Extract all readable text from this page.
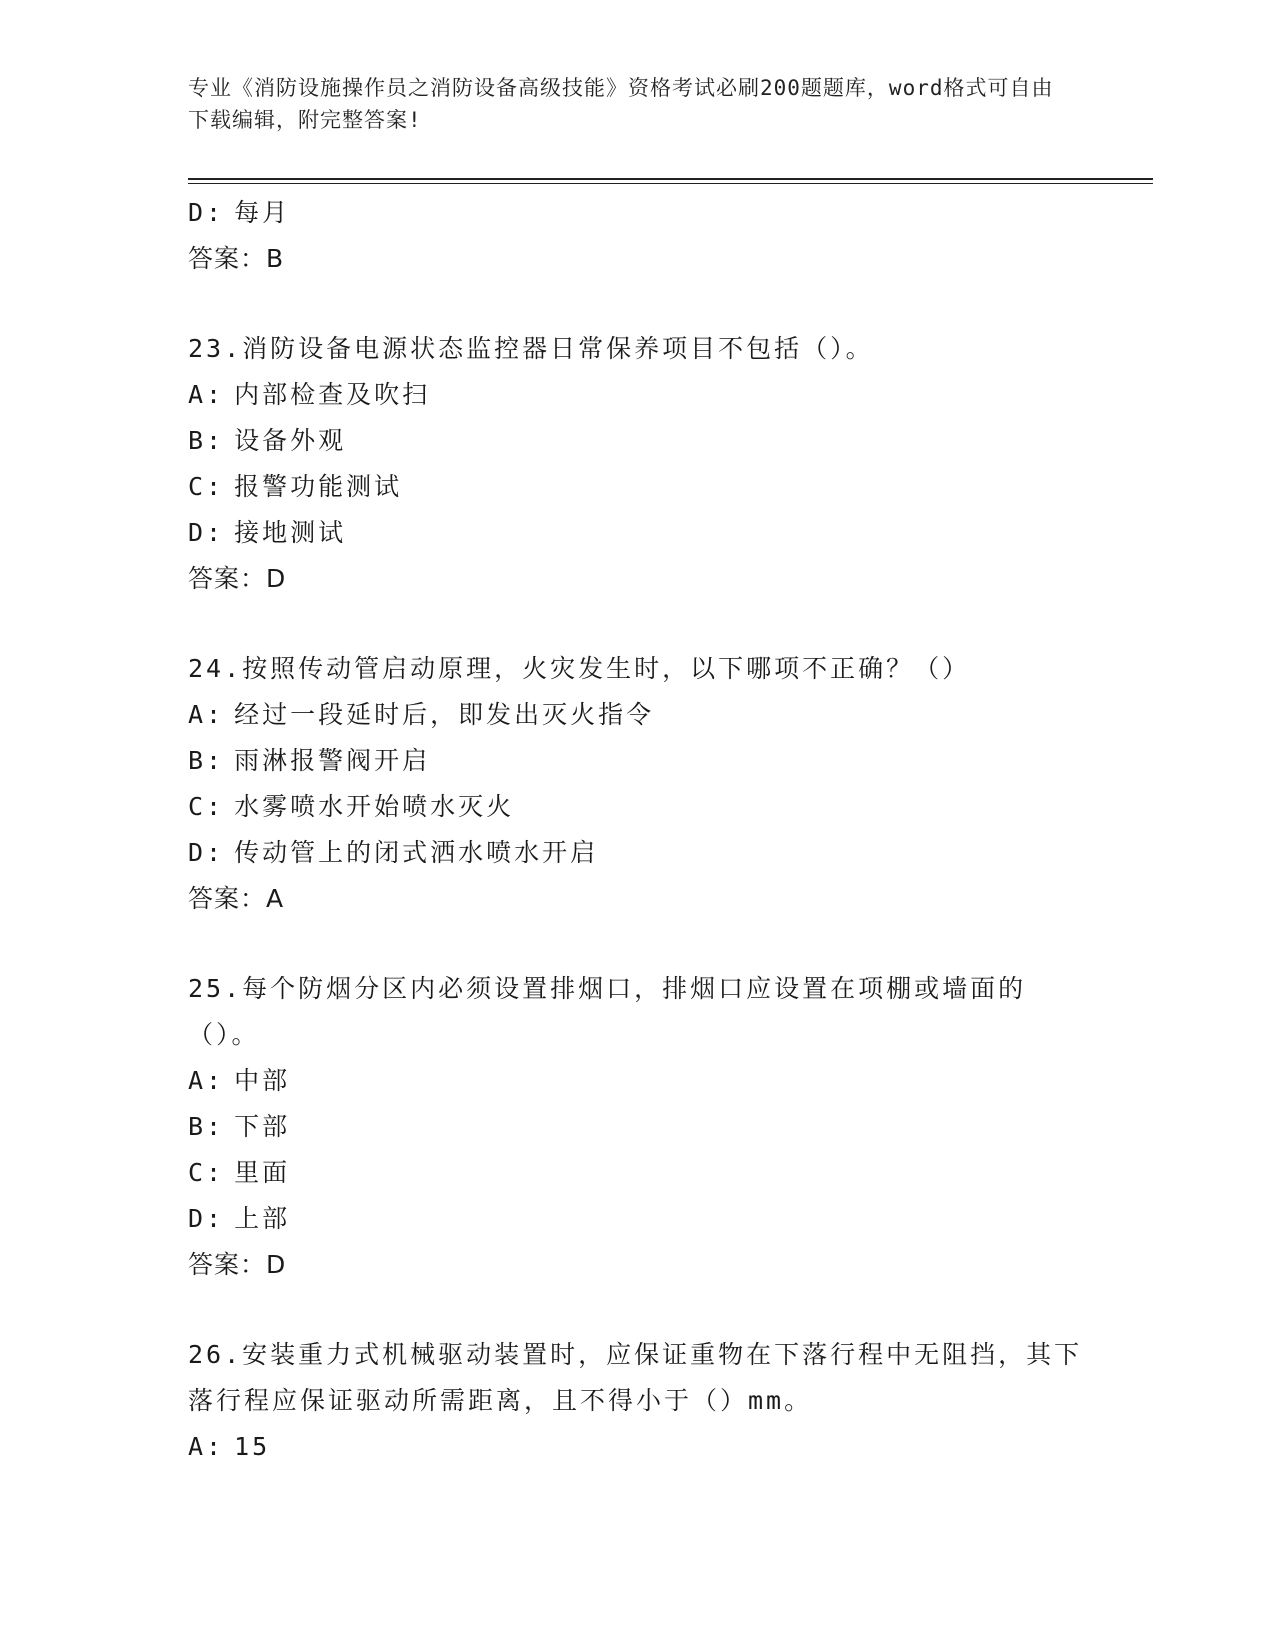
专业《消防设施操作员之消防设备高级技能》资格考试必刷200题题库，word格式可自由下载编辑，附完整答案!
D: 每月
答案：B
23.消防设备电源状态监控器日常保养项目不包括（）。
A: 内部检查及吹扫
B: 设备外观
C: 报警功能测试
D: 接地测试
答案：D
24.按照传动管启动原理，火灾发生时，以下哪项不正确？（）
A: 经过一段延时后，即发出灭火指令
B: 雨淋报警阀开启
C: 水雾喷水开始喷水灭火
D: 传动管上的闭式洒水喷水开启
答案：A
25.每个防烟分区内必须设置排烟口，排烟口应设置在项棚或墙面的（）。
A: 中部
B: 下部
C: 里面
D: 上部
答案：D
26.安装重力式机械驱动装置时，应保证重物在下落行程中无阻挡，其下落行程应保证驱动所需距离，且不得小于（）mm。
A: 15
